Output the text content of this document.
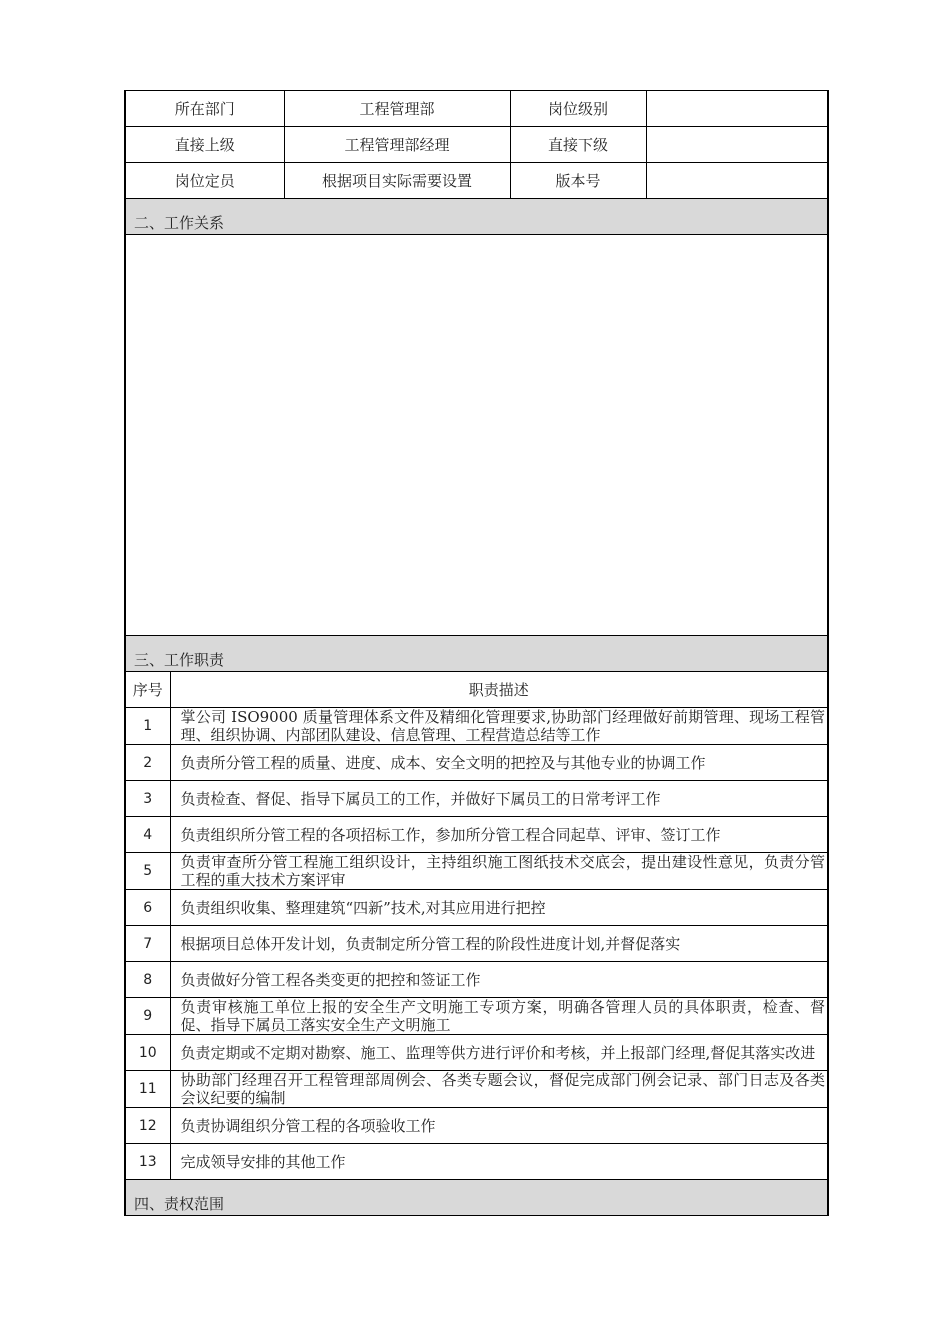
所在部门		工程管理部	岗位级别	
直接上级		工程管理部经理	直接下级	
岗位定员		根据项目实际需要设置	版本号	
二、工作关系				

三、工作职责				
序号	职责描述			
1	掌公司 ISO9000 质量管理体系文件及精细化管理要求,协助部门经理做好前期管理、现场工程管理、组织协调、内部团队建设、信息管理、工程营造总结等工作			
2	负责所分管工程的质量、进度、成本、安全文明的把控及与其他专业的协调工作			
3	负责检查、督促、指导下属员工的工作，并做好下属员工的日常考评工作			
4	负责组织所分管工程的各项招标工作，参加所分管工程合同起草、评审、签订工作			
5	负责审查所分管工程施工组织设计，主持组织施工图纸技术交底会，提出建设性意见，负责分管工程的重大技术方案评审			
6	负责组织收集、整理建筑“四新”技术,对其应用进行把控			
7	根据项目总体开发计划，负责制定所分管工程的阶段性进度计划,并督促落实			
8	负责做好分管工程各类变更的把控和签证工作			
9	负责审核施工单位上报的安全生产文明施工专项方案，明确各管理人员的具体职责，检查、督促、指导下属员工落实安全生产文明施工			
10	负责定期或不定期对勘察、施工、监理等供方进行评价和考核，并上报部门经理,督促其落实改进			
11	协助部门经理召开工程管理部周例会、各类专题会议，督促完成部门例会记录、部门日志及各类会议纪要的编制			
12	负责协调组织分管工程的各项验收工作			
13	完成领导安排的其他工作			
四、责权范围				
